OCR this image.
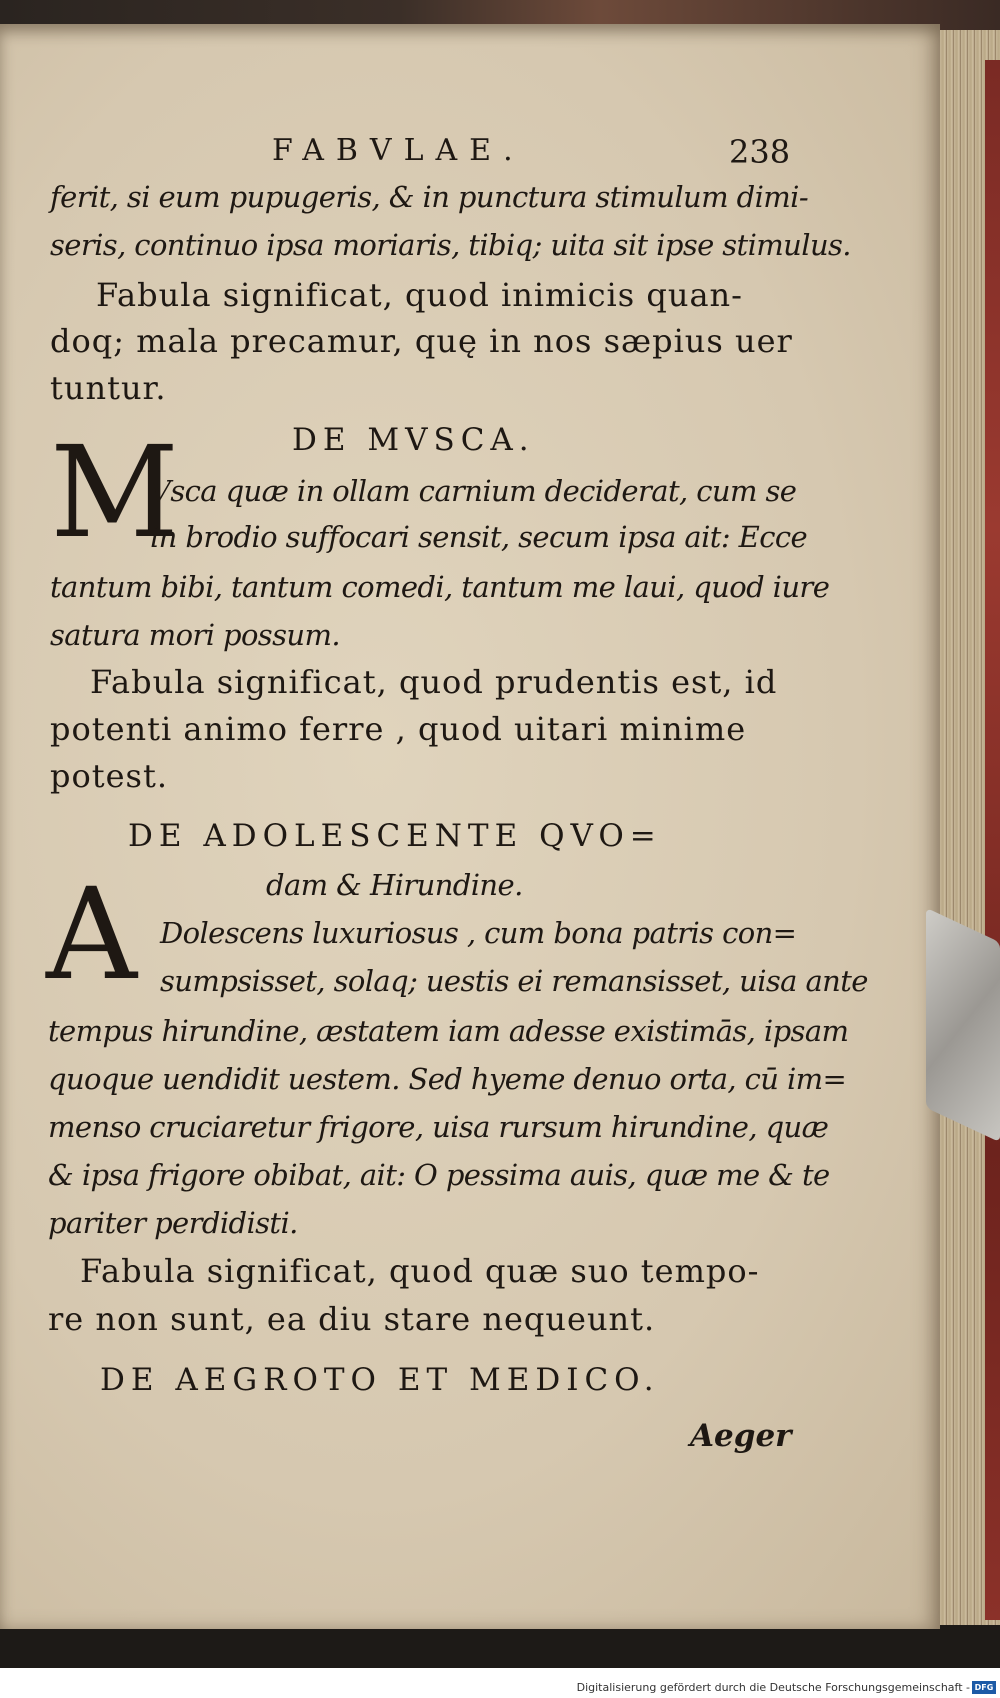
FABVLAE.	238
ferit, si eum pupugeris, & in punctura stimulum dimi-
seris, continuo ipsa moriaris, tibiq; uita sit ipse stimulus.
Fabula significat, quod inimicis quan-
doq; mala precamur, quę in nos sæpius uer
tuntur.
DE MVSCA.
M
Vsca quæ in ollam carnium deciderat, cum se
in brodio suffocari sensit, secum ipsa ait: Ecce
tantum bibi, tantum comedi, tantum me laui, quod iure
satura mori possum.
Fabula significat, quod prudentis est, id
potenti animo ferre , quod uitari minime
potest.
DE ADOLESCENTE QVO=
dam & Hirundine.
A Dolescens luxuriosus , cum bona patris con=
sumpsisset, solaq; uestis ei remansisset, uisa ante
tempus hirundine, æstatem iam adesse existimās, ipsam
quoque uendidit uestem. Sed hyeme denuo orta, cū im=
menso cruciaretur frigore, uisa rursum hirundine, quæ
& ipsa frigore obibat, ait: O pessima auis, quæ me & te
pariter perdidisti.
Fabula significat, quod quæ suo tempo-
re non sunt, ea diu stare nequeunt.
DE AEGROTO ET MEDICO.
Aeger
Digitalisierung gefördert durch die Deutsche Forschungsgemeinschaft - DFG
